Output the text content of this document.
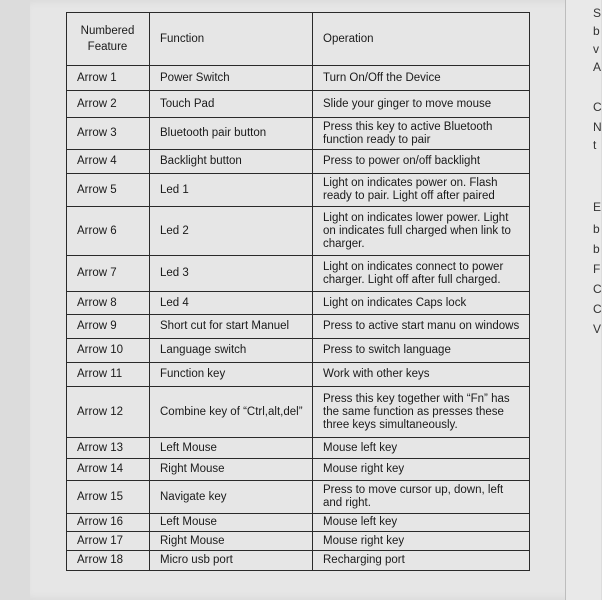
S
b
v
A
C
N
t
E
b
b
F
C
C
V
Numbered
Feature	Function	Operation
Arrow 1	Power Switch	Turn On/Off the Device
Arrow 2	Touch Pad	Slide your ginger to move mouse
Arrow 3	Bluetooth pair button	Press this key to active Bluetooth function ready to pair
Arrow 4	Backlight button	Press to power on/off backlight
Arrow 5	Led 1	Light on indicates power on. Flash ready to pair. Light off after paired
Arrow 6	Led 2	Light on indicates lower power. Light on indicates full charged when link to charger.
Arrow 7	Led 3	Light on indicates connect to power charger. Light off after full charged.
Arrow 8	Led 4	Light on indicates Caps lock
Arrow 9	Short cut for start Manuel	Press to active start manu on windows
Arrow 10	Language switch	Press to switch language
Arrow 11	Function key	Work with other keys
Arrow 12	Combine key of “Ctrl,alt,del”	Press this key together with “Fn” has the same function as presses these three keys simultaneously.
Arrow 13	Left Mouse	Mouse left key
Arrow 14	Right Mouse	Mouse right key
Arrow 15	Navigate key	Press to move cursor up, down, left and right.
Arrow 16	Left Mouse	Mouse left key
Arrow 17	Right Mouse	Mouse right key
Arrow 18	Micro usb port	Recharging port
